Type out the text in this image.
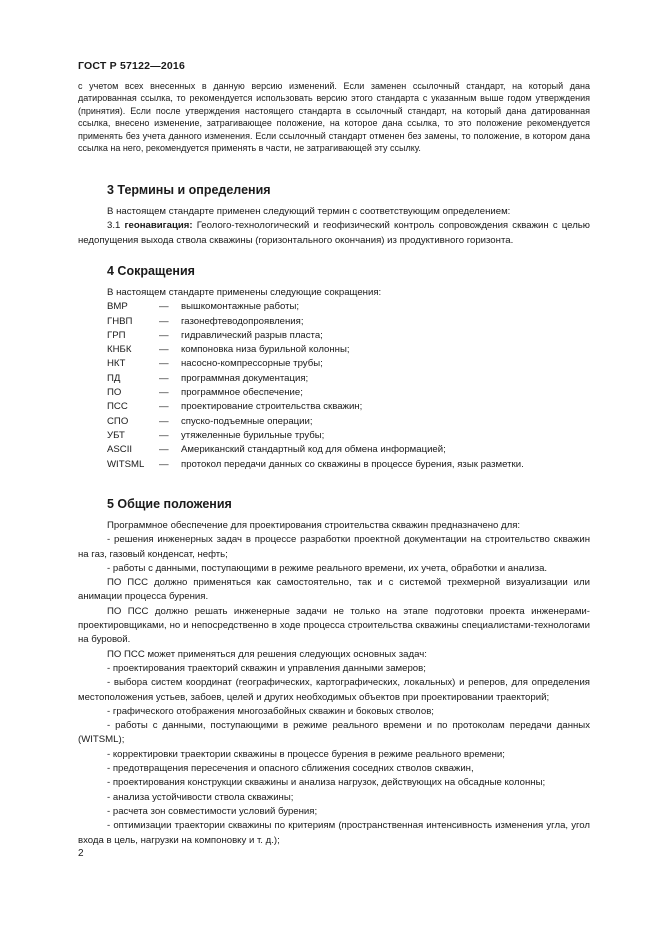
ГОСТ Р 57122—2016

с учетом всех внесенных в данную версию изменений. Если заменен ссылочный стандарт, на который дана датированная ссылка, то рекомендуется использовать версию этого стандарта с указанным выше годом утверждения (принятия). Если после утверждения настоящего стандарта в ссылочный стандарт, на который дана датированная ссылка, внесено изменение, затрагивающее положение, на которое дана ссылка, то это положение рекомендуется применять без учета данного изменения. Если ссылочный стандарт отменен без замены, то положение, в котором дана ссылка на него, рекомендуется применять в части, не затрагивающей эту ссылку.

3 Термины и определения

В настоящем стандарте применен следующий термин с соответствующим определением:

3.1 геонавигация: Геолого-технологический и геофизический контроль сопровождения скважин с целью недопущения выхода ствола скважины (горизонтального окончания) из продуктивного горизонта.

4 Сокращения

В настоящем стандарте применены следующие сокращения:

ВМР	—	вышкомонтажные работы;
ГНВП	—	газонефтеводопроявления;
ГРП	—	гидравлический разрыв пласта;
КНБК	—	компоновка низа бурильной колонны;
НКТ	—	насосно-компрессорные трубы;
ПД	—	программная документация;
ПО	—	программное обеспечение;
ПСС	—	проектирование строительства скважин;
СПО	—	спуско-подъемные операции;
УБТ	—	утяжеленные бурильные трубы;
ASCII	—	Американский стандартный код для обмена информацией;
WITSML	—	протокол передачи данных со скважины в процессе бурения, язык разметки.
5 Общие положения

Программное обеспечение для проектирования строительства скважин предназначено для:

- решения инженерных задач в процессе разработки проектной документации на строительство скважин на газ, газовый конденсат, нефть;

- работы с данными, поступающими в режиме реального времени, их учета, обработки и анализа.

ПО ПСС должно применяться как самостоятельно, так и с системой трехмерной визуализации или анимации процесса бурения.

ПО ПСС должно решать инженерные задачи не только на этапе подготовки проекта инженерами-проектировщиками, но и непосредственно в ходе процесса строительства скважины специалистами-технологами на буровой.

ПО ПСС может применяться для решения следующих основных задач:

- проектирования траекторий скважин и управления данными замеров;

- выбора систем координат (географических, картографических, локальных) и реперов, для определения местоположения устьев, забоев, целей и других необходимых объектов при проектировании траекторий;

- графического отображения многозабойных скважин и боковых стволов;

- работы с данными, поступающими в режиме реального времени и по протоколам передачи данных (WITSML);

- корректировки траектории скважины в процессе бурения в режиме реального времени;

- предотвращения пересечения и опасного сближения соседних стволов скважин,

- проектирования конструкции скважины и анализа нагрузок, действующих на обсадные колонны;

- анализа устойчивости ствола скважины;

- расчета зон совместимости условий бурения;

- оптимизации траектории скважины по критериям (пространственная интенсивность изменения угла, угол входа в цель, нагрузки на компоновку и т. д.);

2
